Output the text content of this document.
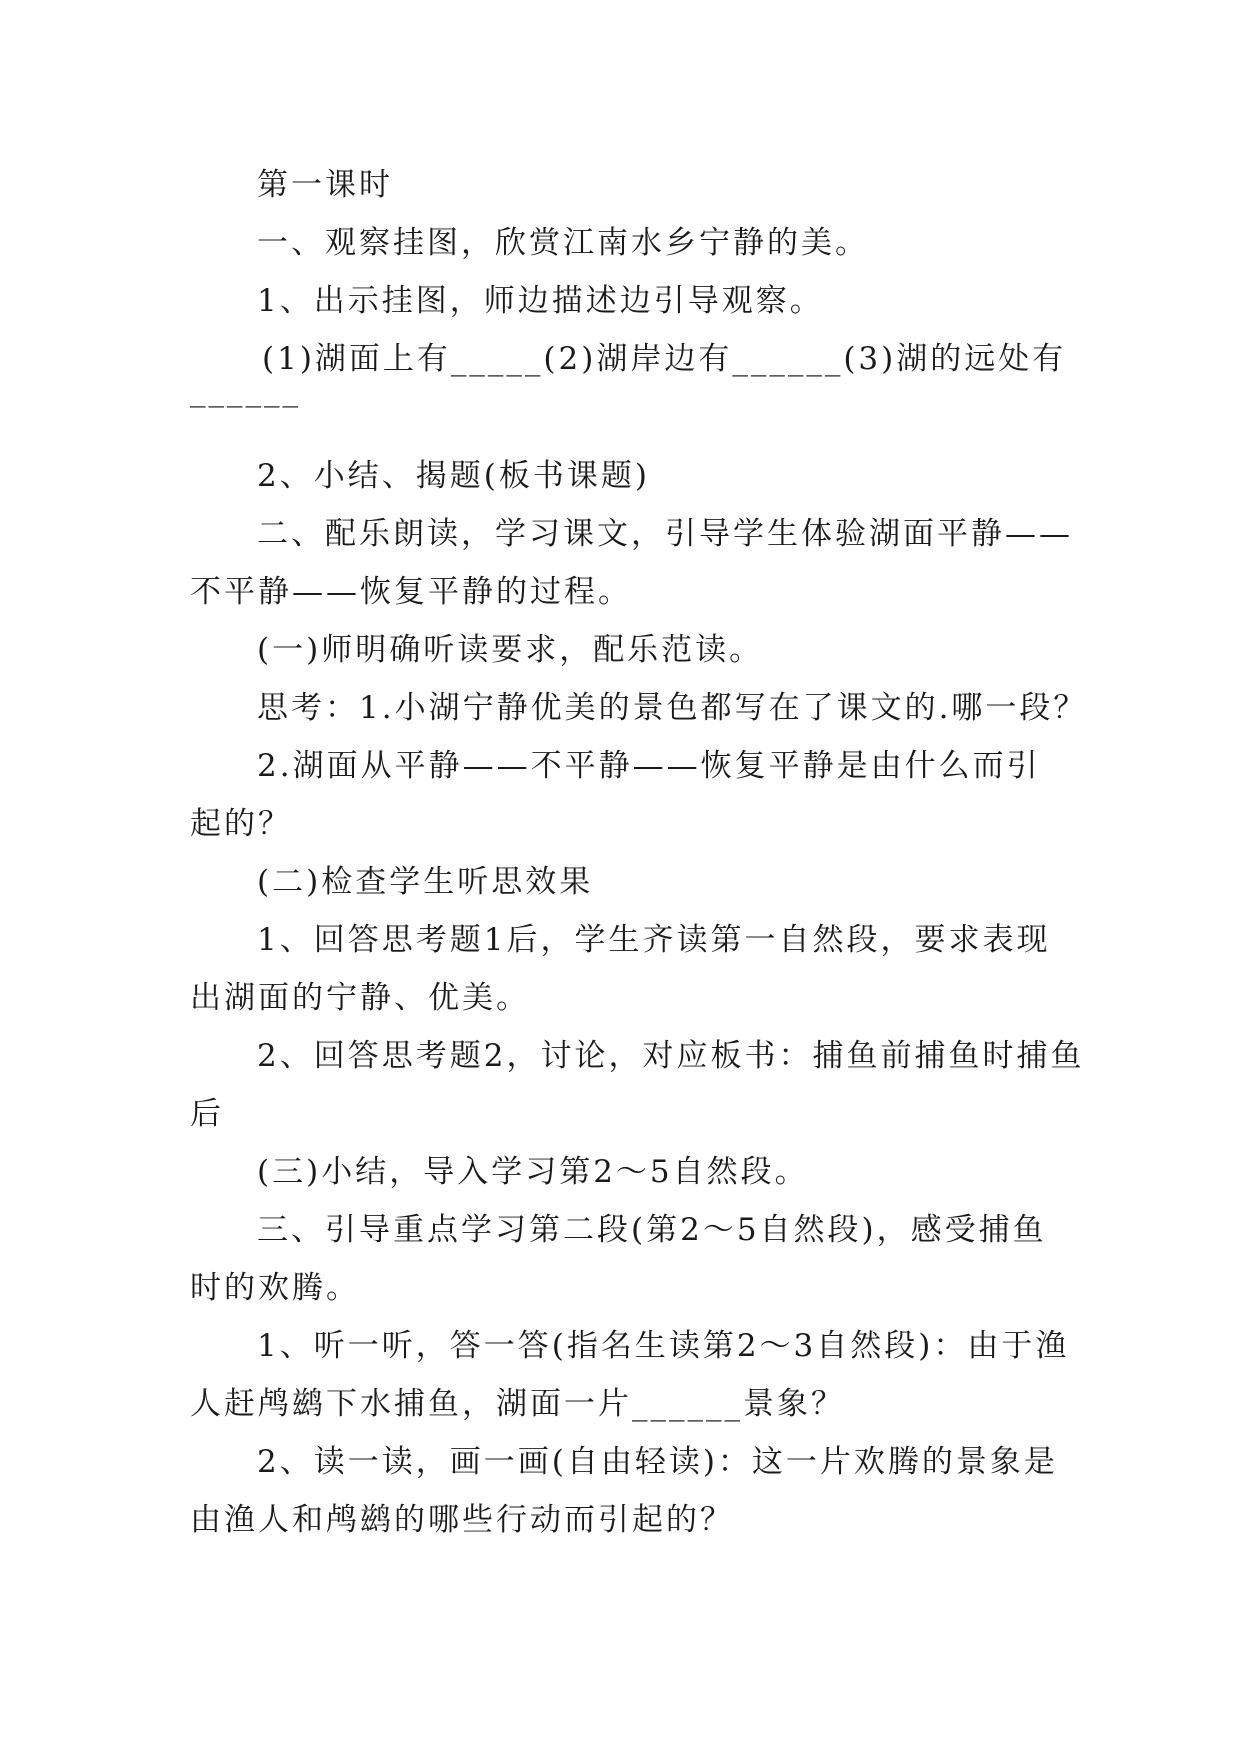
第一课时
一、观察挂图，欣赏江南水乡宁静的美。
1、出示挂图，师边描述边引导观察。
(1)湖面上有_____(2)湖岸边有______(3)湖的远处有
______
2、小结、揭题(板书课题)
二、配乐朗读，学习课文，引导学生体验湖面平静——
不平静——恢复平静的过程。
(一)师明确听读要求，配乐范读。
思考：1.小湖宁静优美的景色都写在了课文的.哪一段？
2.湖面从平静——不平静——恢复平静是由什么而引
起的？
(二)检查学生听思效果
1、回答思考题1后，学生齐读第一自然段，要求表现
出湖面的宁静、优美。
2、回答思考题2，讨论，对应板书：捕鱼前捕鱼时捕鱼
后
(三)小结，导入学习第2～5自然段。
三、引导重点学习第二段(第2～5自然段)，感受捕鱼
时的欢腾。
1、听一听，答一答(指名生读第2～3自然段)：由于渔
人赶鸬鹚下水捕鱼，湖面一片______景象？
2、读一读，画一画(自由轻读)：这一片欢腾的景象是
由渔人和鸬鹚的哪些行动而引起的？
